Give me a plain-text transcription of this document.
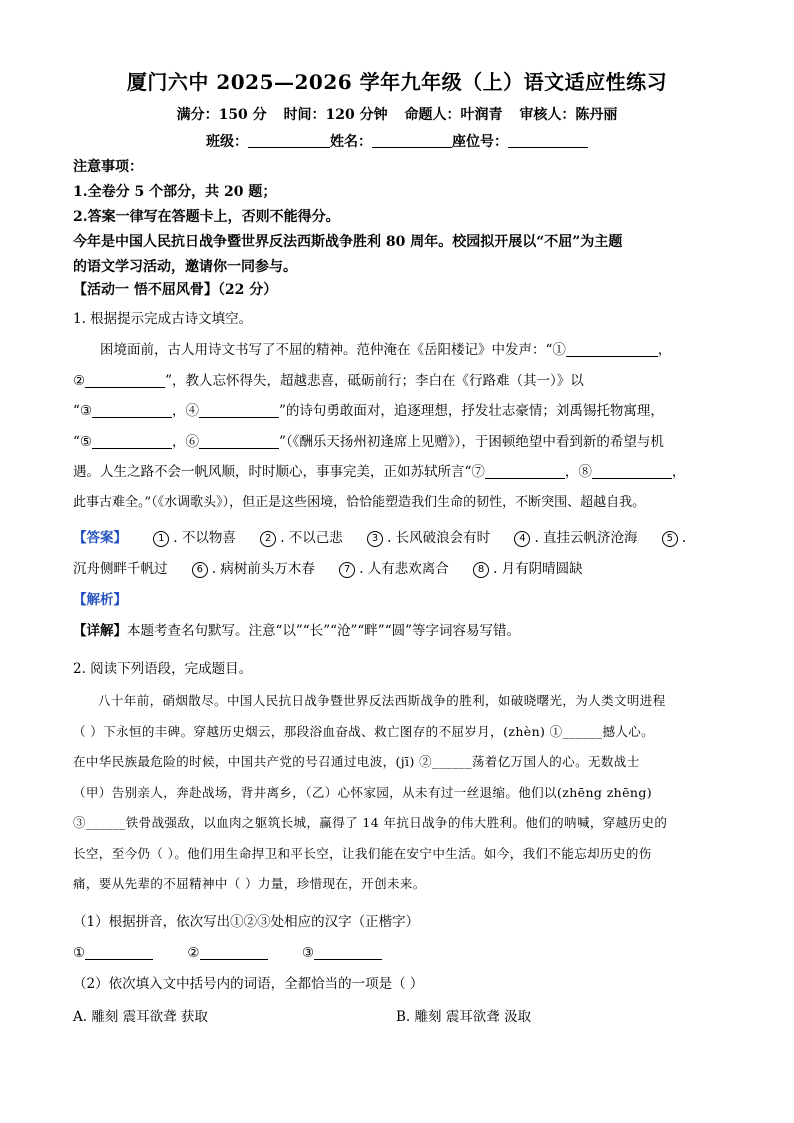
厦门六中 2025—2026 学年九年级（上）语文适应性练习
满分：150 分 时间：120 分钟 命题人：叶润青 审核人：陈丹丽
班级：	姓名：	座位号：
注意事项：
1.全卷分 5 个部分，共 20 题；
2.答案一律写在答题卡上，否则不能得分。
今年是中国人民抗日战争暨世界反法西斯战争胜利 80 周年。校园拟开展以“不屈”为主题
的语文学习活动，邀请你一同参与。
【活动一 悟不屈风骨】（22 分）
1. 根据提示完成古诗文填空。
困境面前，古人用诗文书写了不屈的精神。范仲淹在《岳阳楼记》中发声：“①	，
②	”，教人忘怀得失，超越悲喜，砥砺前行；李白在《行路难（其一）》以
“③	，④	”的诗句勇敢面对，追逐理想，抒发壮志豪情；刘禹锡托物寓理，
“⑤	，⑥	”（《酬乐天扬州初逢席上见赠》），于困顿绝望中看到新的希望与机
遇。人生之路不会一帆风顺，时时顺心，事事完美，正如苏轼所言“⑦	，⑧	，
此事古难全。”（《水调歌头》），但正是这些困境，恰恰能塑造我们生命的韧性，不断突围、超越自我。
【答案】	1 . 不以物喜	2 . 不以己悲	3 . 长风破浪会有时	4 . 直挂云帆济沧海	5 .
沉舟侧畔千帆过	6 . 病树前头万木春	7 . 人有悲欢离合	8 . 月有阴晴圆缺
【解析】
【详解】本题考查名句默写。注意“以”“长”“沧”“畔”“圆”等字词容易写错。
2. 阅读下列语段，完成题目。
八十年前，硝烟散尽。中国人民抗日战争暨世界反法西斯战争的胜利，如破晓曙光，为人类文明进程
（ ）下永恒的丰碑。穿越历史烟云，那段浴血奋战、救亡图存的不屈岁月，(zhèn) ①______撼人心。
在中华民族最危险的时候，中国共产党的号召通过电波，(jī) ②______荡着亿万国人的心。无数战士
（甲）告别亲人，奔赴战场，背井离乡，（乙）心怀家园，从未有过一丝退缩。他们以(zhēng zhēng)
③______铁骨战强敌，以血肉之躯筑长城，赢得了 14 年抗日战争的伟大胜利。他们的呐喊，穿越历史的
长空，至今仍（ ）。他们用生命捍卫和平长空，让我们能在安宁中生活。如今，我们不能忘却历史的伤
痛，要从先辈的不屈精神中（ ）力量，珍惜现在，开创未来。
（1）根据拼音，依次写出①②③处相应的汉字（正楷字）
①	②	③
（2）依次填入文中括号内的词语，全都恰当的一项是（ ）
A. 雕刻 震耳欲聋 获取	B. 雕刻 震耳欲聋 汲取
